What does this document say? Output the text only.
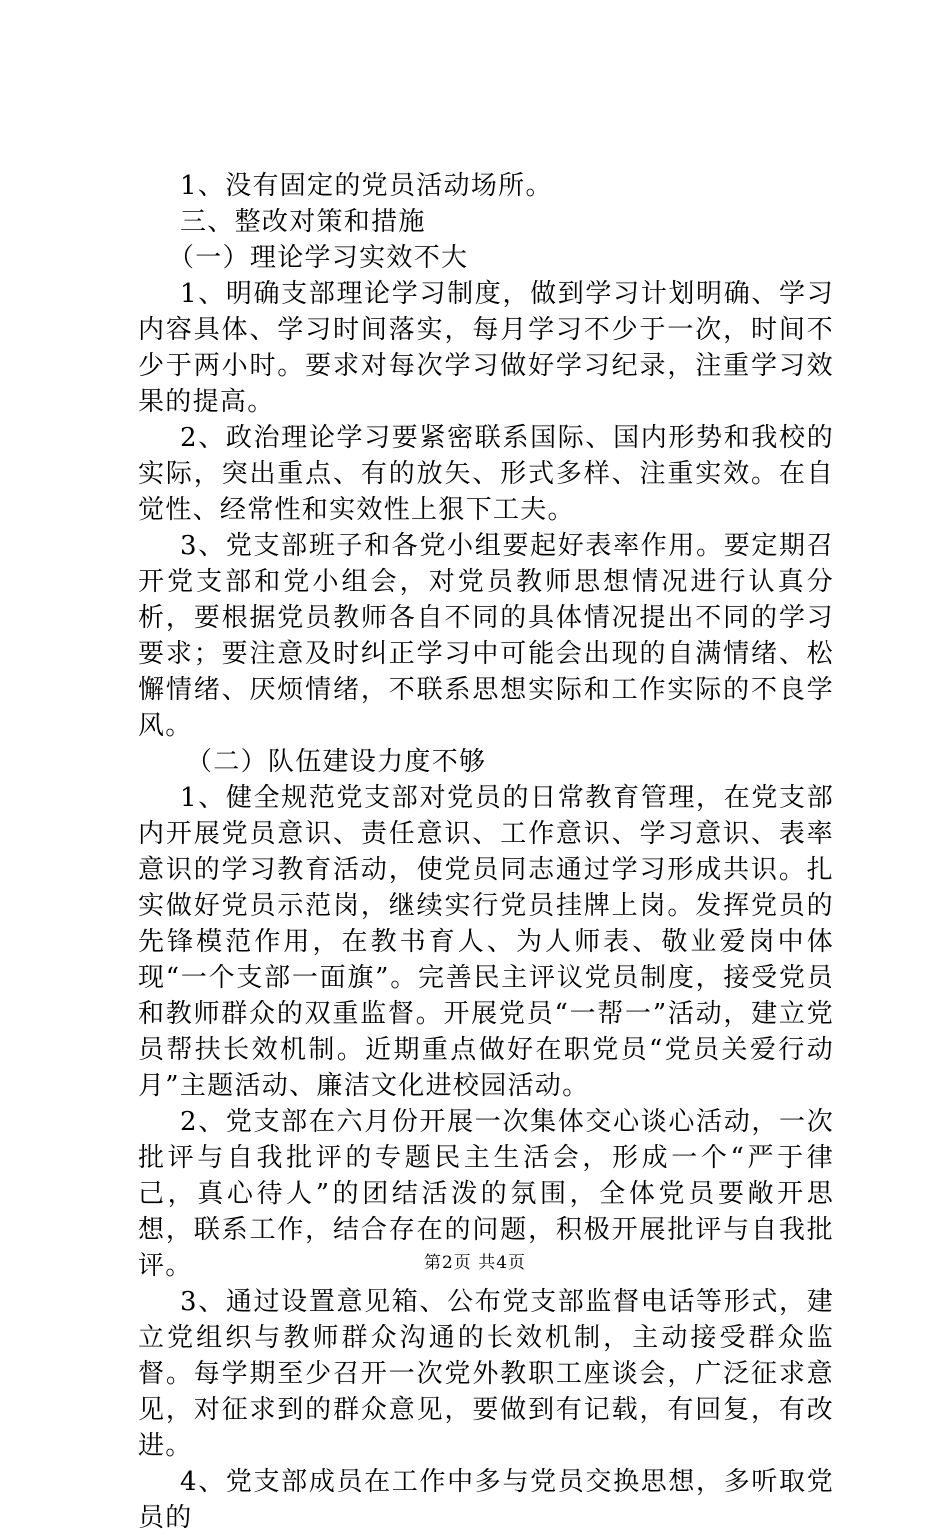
1、没有固定的党员活动场所。

三、整改对策和措施

（一）理论学习实效不大

1、明确支部理论学习制度，做到学习计划明确、学习内容具体、学习时间落实，每月学习不少于一次，时间不少于两小时。要求对每次学习做好学习纪录，注重学习效果的提高。

2、政治理论学习要紧密联系国际、国内形势和我校的实际，突出重点、有的放矢、形式多样、注重实效。在自觉性、经常性和实效性上狠下工夫。

3、党支部班子和各党小组要起好表率作用。要定期召开党支部和党小组会，对党员教师思想情况进行认真分析，要根据党员教师各自不同的具体情况提出不同的学习要求；要注意及时纠正学习中可能会出现的自满情绪、松懈情绪、厌烦情绪，不联系思想实际和工作实际的不良学风。

（二）队伍建设力度不够

1、健全规范党支部对党员的日常教育管理，在党支部内开展党员意识、责任意识、工作意识、学习意识、表率意识的学习教育活动，使党员同志通过学习形成共识。扎实做好党员示范岗，继续实行党员挂牌上岗。发挥党员的先锋模范作用，在教书育人、为人师表、敬业爱岗中体现“一个支部一面旗”。完善民主评议党员制度，接受党员和教师群众的双重监督。开展党员“一帮一”活动，建立党员帮扶长效机制。近期重点做好在职党员“党员关爱行动月”主题活动、廉洁文化进校园活动。

2、党支部在六月份开展一次集体交心谈心活动，一次批评与自我批评的专题民主生活会，形成一个“严于律己，真心待人”的团结活泼的氛围，全体党员要敞开思想，联系工作，结合存在的问题，积极开展批评与自我批评。

3、通过设置意见箱、公布党支部监督电话等形式，建立党组织与教师群众沟通的长效机制，主动接受群众监督。每学期至少召开一次党外教职工座谈会，广泛征求意见，对征求到的群众意见，要做到有记载，有回复，有改进。

4、党支部成员在工作中多与党员交换思想，多听取党员的

第2页 共4页
